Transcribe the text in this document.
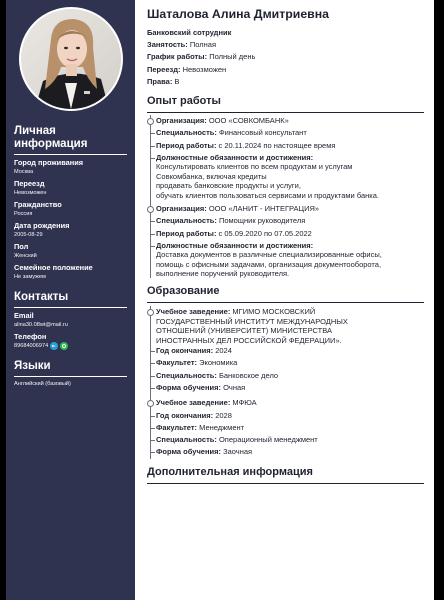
Личная информация
Город проживания
Москва
Переезд
Невозможен
Гражданство
Россия
Дата рождения
2005-08-29
Пол
Женский
Семейное положение
Не замужем
Контакты
Email
alina30.08wt@mail.ru
Телефон
89684006974
Языки
Английский (базовый)
Шаталова Алина Дмитриевна
Банковский сотрудник
Занятость: Полная
График работы: Полный день
Переезд: Невозможен
Права: B
Опыт работы
Организация: ООО «СОВКОМБАНК»
Специальность: Финансовый консультант
Период работы: с 20.11.2024 по настоящее время
Должностные обязанности и достижения:
Консультировать клиентов по всем продуктам и услугам
Совкомбанка, включая кредиты
продавать банковские продукты и услуги,
обучать клиентов пользоваться сервисами и продуктами банка.
Организация: ООО «ЛАНИТ - ИНТЕГРАЦИЯ»
Специальность: Помощник руководителя
Период работы: с 05.09.2020 по 07.05.2022
Должностные обязанности и достижения:
Доставка документов в различные специализированные офисы,
помощь с офисными задачами, организация документооборота,
выполнение поручений руководителя.
Образование
Учебное заведение: МГИМО МОСКОВСКИЙ
ГОСУДАРСТВЕННЫЙ ИНСТИТУТ МЕЖДУНАРОДНЫХ
ОТНОШЕНИЙ (УНИВЕРСИТЕТ) МИНИСТЕРСТВА
ИНОСТРАННЫХ ДЕЛ РОССИЙСКОЙ ФЕДЕРАЦИИ».
Год окончания: 2024
Факультет: Экономика
Специальность: Банковское дело
Форма обучения: Очная
Учебное заведение: МФЮА
Год окончания: 2028
Факультет: Менеджмент
Специальность: Операционный менеджмент
Форма обучения: Заочная
Дополнительная информация
